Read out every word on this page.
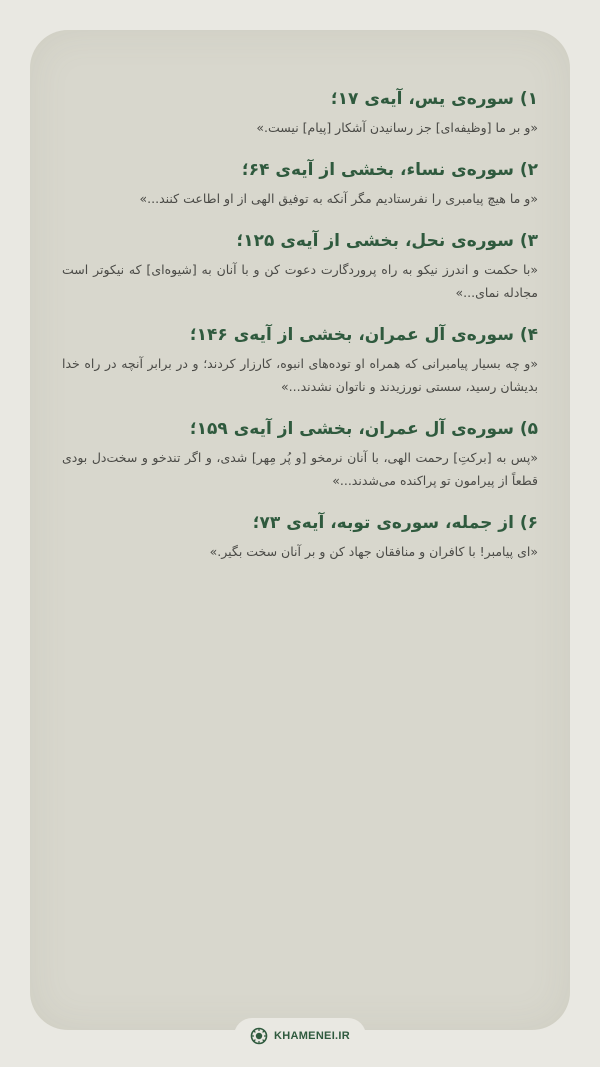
۱) سوره‌ی یس، آیه‌ی ۱۷؛
«و بر ما [وظیفه‌ای] جز رسانیدن آشکار [پیام] نیست.»
۲) سوره‌ی نساء، بخشی از آیه‌ی ۶۴؛
«و ما هیچ پیامبری را نفرستادیم مگر آنکه به توفیق الهی از او اطاعت کنند...»
۳) سوره‌ی نحل، بخشی از آیه‌ی ۱۲۵؛
«با حکمت و اندرز نیکو به راه پروردگارت دعوت کن و با آنان به [شیوه‌ای] که نیکوتر است مجادله نمای...»
۴) سوره‌ی آل عمران، بخشی از آیه‌ی ۱۴۶؛
«و چه بسیار پیامبرانی که همراه او توده‌های انبوه، کارزار کردند؛ و در برابر آنچه در راه خدا بدیشان رسید، سستی نورزیدند و ناتوان نشدند...»
۵) سوره‌ی آل عمران، بخشی از آیه‌ی ۱۵۹؛
«پس به [برکتِ] رحمت الهی، با آنان نرمخو [و پُر مِهر] شدی، و اگر تندخو و سخت‌دل بودی قطعاً از پیرامون تو پراکنده می‌شدند...»
۶) از جمله، سوره‌ی توبه، آیه‌ی ۷۳؛
«ای پیامبر! با کافران و منافقان جهاد کن و بر آنان سخت بگیر.»
KHAMENEI.IR
